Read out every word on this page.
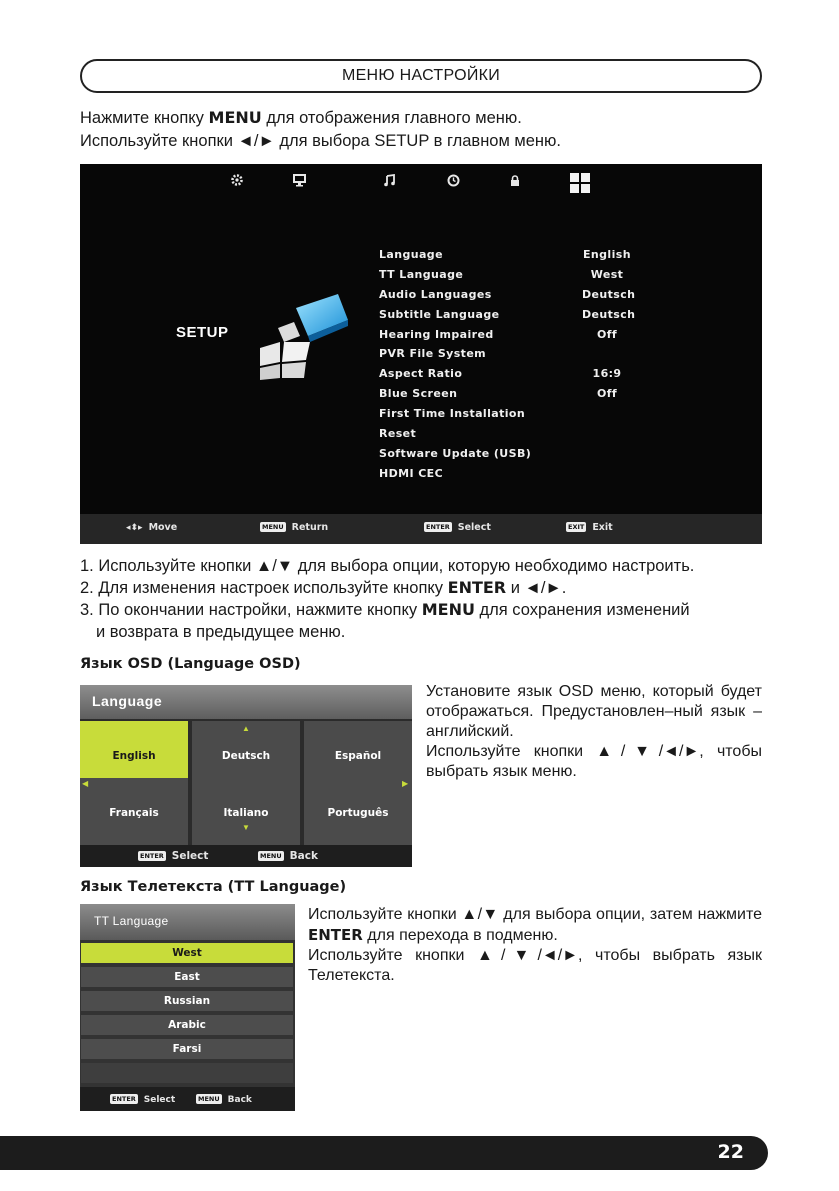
МЕНЮ НАСТРОЙКИ
Нажмите кнопку MENU для отображения главного меню.
Используйте кнопки ◄/► для выбора SETUP в главном меню.
SETUP
Language	English
TT Language	West
Audio Languages	Deutsch
Subtitle Language	Deutsch
Hearing Impaired	Off
PVR File System
Aspect Ratio	16:9
Blue Screen	Off
First Time Installation
Reset
Software Update (USB)
HDMI CEC
◂⬍▸ Move	MENU Return	ENTER Select	EXIT Exit
1. Используйте кнопки ▲/▼ для выбора опции, которую необходимо настроить.
2. Для изменения настроек используйте кнопку ENTER и ◄/►.
3. По окончании настройки, нажмите кнопку MENU для сохранения изменений
и возврата в предыдущее меню.
Язык OSD (Language OSD)
Language
English	Deutsch	Español
Français	Italiano	Português
▲
▼
◀	▶
ENTER Select	MENU Back
Установите язык OSD меню, который будет отображаться. Предустановлен–ный язык – английский.
Используйте кнопки ▲/▼/◄/►, чтобы выбрать язык меню.
Язык Телетекста (TT Language)
TT Language
West
East
Russian
Arabic
Farsi
ENTER Select	MENU Back
Используйте кнопки ▲/▼ для выбора опции, затем нажмите ENTER для перехода в подменю.
Используйте кнопки ▲/▼/◄/►, чтобы выбрать язык Телетекста.
22
